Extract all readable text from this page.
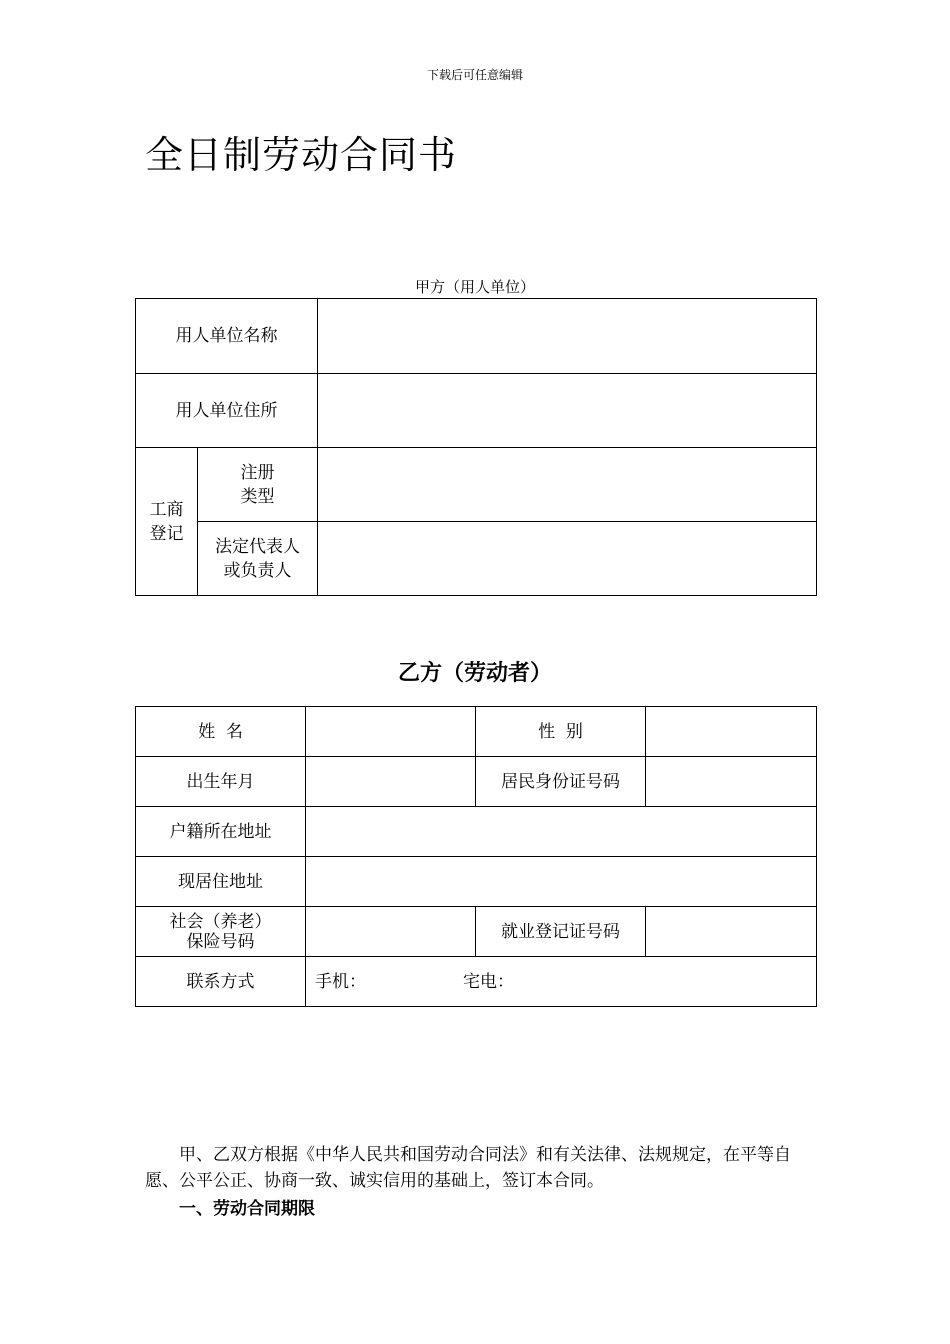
下载后可任意编辑
全日制劳动合同书
甲方（用人单位）
用人单位名称		
用人单位住所		

工商登记	注册类型	

	法定代表人或负责人	

乙方（劳动者）
姓  名		性  别	
出生年月		居民身份证号码	
户籍所在地址			
现居住地址			

社会（养老）保险号码		就业登记证号码	
联系方式	手机： 宅电：		
甲、乙双方根据《中华人民共和国劳动合同法》和有关法律、法规规定，在平等自愿、公平公正、协商一致、诚实信用的基础上，签订本合同。
一、劳动合同期限
